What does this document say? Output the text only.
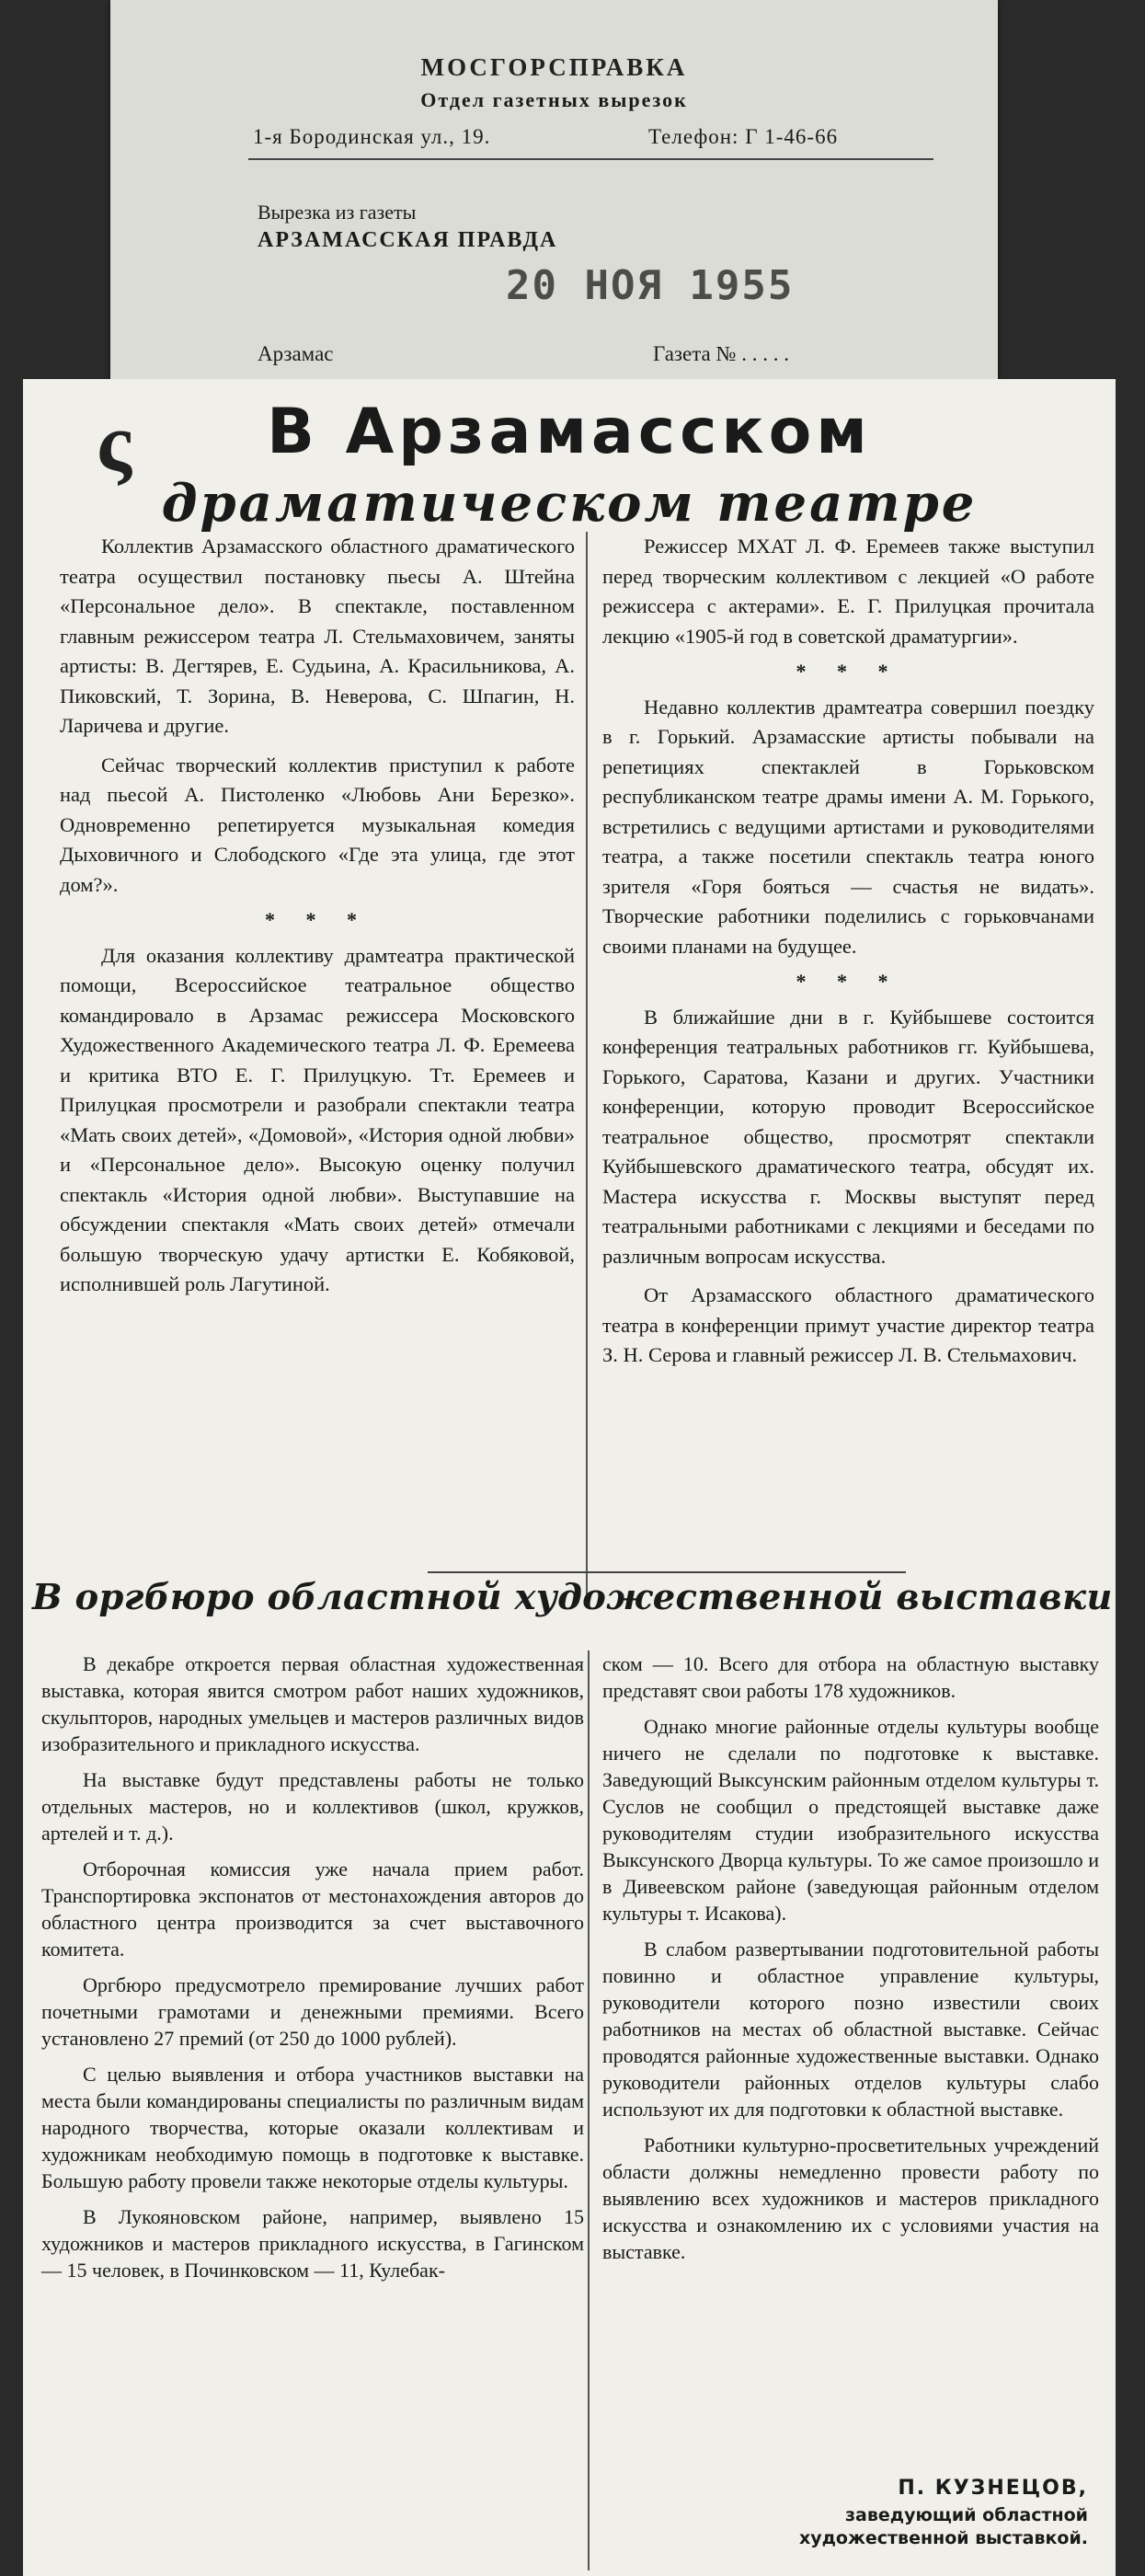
МОСГОРСПРАВКА
Отдел газетных вырезок
1-я Бородинская ул., 19.	Телефон: Г 1-46-66
Вырезка из газеты
АРЗАМАССКАЯ ПРАВДА
20 НОЯ 1955
Арзамас	Газета № . . . . .
ς	В Арзамасском
драматическом театре

Коллектив Арзамасского областного драматического театра осуществил постановку пьесы А. Штейна «Персональное дело». В спектакле, поставленном главным режиссером театра Л. Стельмаховичем, заняты артисты: В. Дегтярев, Е. Судьина, А. Красильникова, А. Пиковский, Т. Зорина, В. Неверова, С. Шпагин, Н. Ларичева и другие.

Сейчас творческий коллектив приступил к работе над пьесой А. Пистоленко «Любовь Ани Березко». Одновременно репетируется музыкальная комедия Дыховичного и Слободского «Где эта улица, где этот дом?».

* * *

Для оказания коллективу драмтеатра практической помощи, Всероссийское театральное общество командировало в Арзамас режиссера Московского Художественного Академического театра Л. Ф. Еремеева и критика ВТО Е. Г. Прилуцкую. Тт. Еремеев и Прилуцкая просмотрели и разобрали спектакли театра «Мать своих детей», «Домовой», «История одной любви» и «Персональное дело». Высокую оценку получил спектакль «История одной любви». Выступавшие на обсуждении спектакля «Мать своих детей» отмечали большую творческую удачу артистки Е. Кобяковой, исполнившей роль Лагутиной.

Режиссер МХАТ Л. Ф. Еремеев также выступил перед творческим коллективом с лекцией «О работе режиссера с актерами». Е. Г. Прилуцкая прочитала лекцию «1905-й год в советской драматургии».

* * *

Недавно коллектив драмтеатра совершил поездку в г. Горький. Арзамасские артисты побывали на репетициях спектаклей в Горьковском республиканском театре драмы имени А. М. Горького, встретились с ведущими артистами и руководителями театра, а также посетили спектакль театра юного зрителя «Горя бояться — счастья не видать». Творческие работники поделились с горьковчанами своими планами на будущее.

* * *

В ближайшие дни в г. Куйбышеве состоится конференция театральных работников гг. Куйбышева, Горького, Саратова, Казани и других. Участники конференции, которую проводит Всероссийское театральное общество, просмотрят спектакли Куйбышевского драматического театра, обсудят их. Мастера искусства г. Москвы выступят перед театральными работниками с лекциями и беседами по различным вопросам искусства.

От Арзамасского областного драматического театра в конференции примут участие директор театра З. Н. Серова и главный режиссер Л. В. Стельмахович.

В оргбюро областной художественной выставки

В декабре откроется первая областная художественная выставка, которая явится смотром работ наших художников, скульпторов, народных умельцев и мастеров различных видов изобразительного и прикладного искусства.

На выставке будут представлены работы не только отдельных мастеров, но и коллективов (школ, кружков, артелей и т. д.).

Отборочная комиссия уже начала прием работ. Транспортировка экспонатов от местонахождения авторов до областного центра производится за счет выставочного комитета.

Оргбюро предусмотрело премирование лучших работ почетными грамотами и денежными премиями. Всего установлено 27 премий (от 250 до 1000 рублей).

С целью выявления и отбора участников выставки на места были командированы специалисты по различным видам народного творчества, которые оказали коллективам и художникам необходимую помощь в подготовке к выставке. Большую работу провели также некоторые отделы культуры.

В Лукояновском районе, например, выявлено 15 художников и мастеров прикладного искусства, в Гагинском — 15 человек, в Починковском — 11, Кулебак-

ском — 10. Всего для отбора на областную выставку представят свои работы 178 художников.

Однако многие районные отделы культуры вообще ничего не сделали по подготовке к выставке. Заведующий Выксунским районным отделом культуры т. Суслов не сообщил о предстоящей выставке даже руководителям студии изобразительного искусства Выксунского Дворца культуры. То же самое произошло и в Дивеевском районе (заведующая районным отделом культуры т. Исакова).

В слабом развертывании подготовительной работы повинно и областное управление культуры, руководители которого позно известили своих работников на местах об областной выставке. Сейчас проводятся районные художественные выставки. Однако руководители районных отделов культуры слабо используют их для подготовки к областной выставке.

Работники культурно-просветительных учреждений области должны немедленно провести работу по выявлению всех художников и мастеров прикладного искусства и ознакомлению их с условиями участия на выставке.

П. КУЗНЕЦОВ,
заведующий областной художественной выставкой.
